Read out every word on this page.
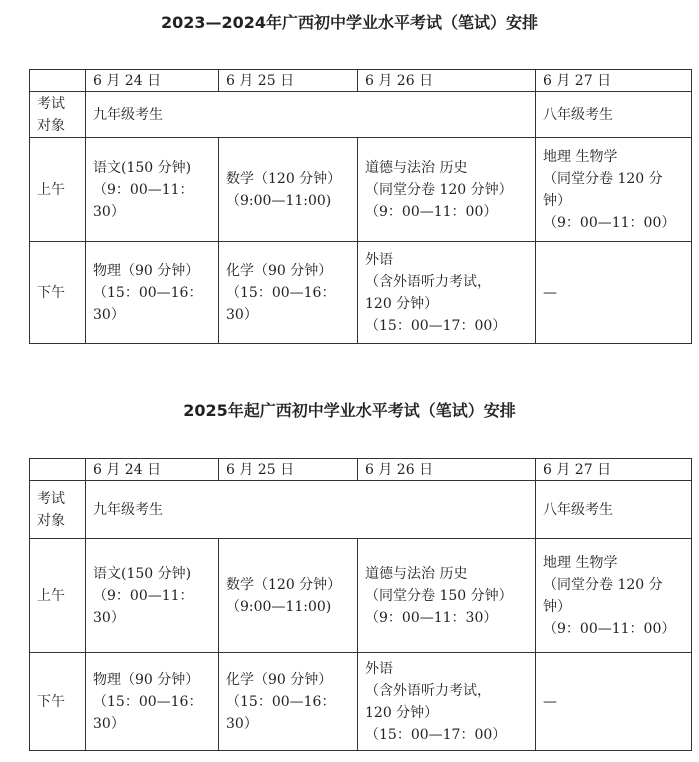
2023—2024年广西初中学业水平考试（笔试）安排
	6 月 24 日	6 月 25 日	6 月 26 日	6 月 27 日

考试
对象	九年级考生			八年级考生
上午	语文(150 分钟)
（9：00—11：
30）	数学（120 分钟）
（9:00—11:00)	道德与法治 历史
（同堂分卷 120 分钟）
（9：00—11：00）	地理 生物学
（同堂分卷 120 分
钟）
（9：00—11：00）

下午	物理（90 分钟）
（15：00—16：
30）	化学（90 分钟）
（15：00—16：
30）	外语
（含外语听力考试，
120 分钟）
（15：00—17：00）	—
2025年起广西初中学业水平考试（笔试）安排
	6 月 24 日	6 月 25 日	6 月 26 日	6 月 27 日

考试
对象	九年级考生			八年级考生
上午	语文(150 分钟)
（9：00—11：
30）	数学（120 分钟）
（9:00—11:00)	道德与法治 历史
（同堂分卷 150 分钟）
（9：00—11：30）	地理 生物学
（同堂分卷 120 分
钟）
（9：00—11：00）

下午	物理（90 分钟）
（15：00—16：
30）	化学（90 分钟）
（15：00—16：
30）	外语
（含外语听力考试，
120 分钟）
（15：00—17：00）	—
